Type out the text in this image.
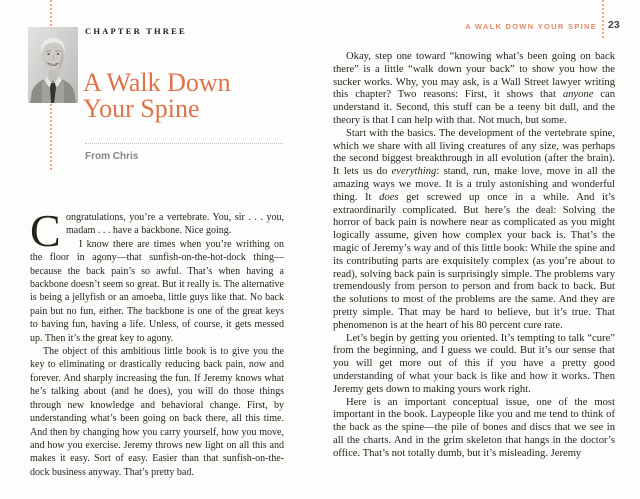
CHAPTER THREE
A Walk Down
Your Spine
From Chris

Congratulations, you’re a vertebrate. You, sir . . . you, madam . . . have a backbone. Nice going.

I know there are times when you’re writhing on the floor in agony—that sunfish-on-the-hot-dock thing—because the back pain’s so awful. That’s when having a backbone doesn’t seem so great. But it really is. The alternative is being a jellyfish or an amoeba, little guys like that. No back pain but no fun, either. The backbone is one of the great keys to having fun, having a life. Unless, of course, it gets messed up. Then it’s the great key to agony.

The object of this ambitious little book is to give you the key to eliminating or drastically reducing back pain, now and forever. And sharply increasing the fun. If Jeremy knows what he’s talking about (and he does), you will do those things through new knowledge and behavioral change. First, by understanding what’s been going on back there, all this time. And then by changing how you carry yourself, how you move, and how you exercise. Jeremy throws new light on all this and makes it easy. Sort of easy. Easier than that sunfish-on-the-dock business anyway. That’s pretty bad.

A WALK DOWN YOUR SPINE 23

Okay, step one toward “knowing what’s been going on back there” is a little “walk down your back” to show you how the sucker works. Why, you may ask, is a Wall Street lawyer writing this chapter? Two reasons: First, it shows that anyone can understand it. Second, this stuff can be a teeny bit dull, and the theory is that I can help with that. Not much, but some.

Start with the basics. The development of the vertebrate spine, which we share with all living creatures of any size, was perhaps the second biggest breakthrough in all evolution (after the brain). It lets us do everything: stand, run, make love, move in all the amazing ways we move. It is a truly astonishing and wonderful thing. It does get screwed up once in a while. And it’s extraordinarily complicated. But here’s the deal: Solving the horror of back pain is nowhere near as complicated as you might logically assume, given how complex your back is. That’s the magic of Jeremy’s way and of this little book: While the spine and its contributing parts are exquisitely complex (as you’re about to read), solving back pain is surprisingly simple. The problems vary tremendously from person to person and from back to back. But the solutions to most of the problems are the same. And they are pretty simple. That may be hard to believe, but it’s true. That phenomenon is at the heart of his 80 percent cure rate.

Let’s begin by getting you oriented. It’s tempting to talk “cure” from the beginning, and I guess we could. But it’s our sense that you will get more out of this if you have a pretty good understanding of what your back is like and how it works. Then Jeremy gets down to making yours work right.

Here is an important conceptual issue, one of the most important in the book. Laypeople like you and me tend to think of the back as the spine—the pile of bones and discs that we see in all the charts. And in the grim skeleton that hangs in the doctor’s office. That’s not totally dumb, but it’s misleading. Jeremy
